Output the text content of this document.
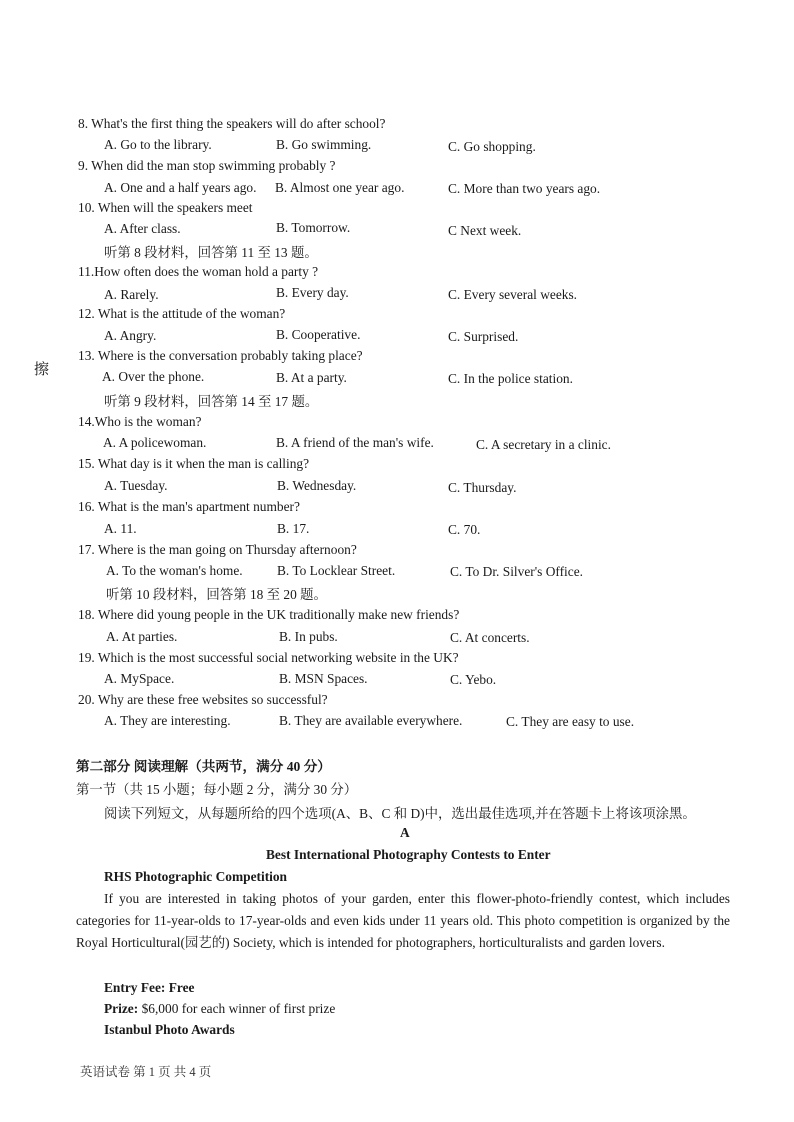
擦
8. What's the first thing the speakers will do after school?
A. Go to the library.	B. Go swimming.	C. Go shopping.
9. When did the man stop swimming probably ?
A. One and a half years ago. B. Almost one year ago.	C. More than two years ago.
10. When will the speakers meet
A. After class.	B. Tomorrow.	C Next week.
听第 8 段材料，回答第 11 至 13 题。
11.How often does the woman hold a party ?
A. Rarely.	B. Every day.	C. Every several weeks.
12. What is the attitude of the woman?
A. Angry.	B. Cooperative.	C. Surprised.
13. Where is the conversation probably taking place?
A. Over the phone.	B. At a party.	C. In the police station.
听第 9 段材料，回答第 14 至 17 题。
14.Who is the woman?
A. A policewoman.	B. A friend of the man's wife.	C. A secretary in a clinic.
15. What day is it when the man is calling?
A. Tuesday.	B. Wednesday.	C. Thursday.
16. What is the man's apartment number?
A. 11.	B. 17.	C. 70.
17. Where is the man going on Thursday afternoon?
A. To the woman's home.	B. To Locklear Street.	C. To Dr. Silver's Office.
听第 10 段材料，回答第 18 至 20 题。
18. Where did young people in the UK traditionally make new friends?
A. At parties.	B. In pubs.	C. At concerts.
19. Which is the most successful social networking website in the UK?
A. MySpace.	B. MSN Spaces.	C. Yebo.
20. Why are these free websites so successful?
A. They are interesting.	B. They are available everywhere.	C. They are easy to use.
第二部分 阅读理解（共两节，满分 40 分）
第一节（共 15 小题；每小题 2 分，满分 30 分）
阅读下列短文，从每题所给的四个选项(A、B、C 和 D)中，选出最佳选项,并在答题卡上将该项涂黑。
A
Best International Photography Contests to Enter
RHS Photographic Competition
If you are interested in taking photos of your garden, enter this flower-photo-friendly contest, which includes categories for 11-year-olds to 17-year-olds and even kids under 11 years old. This photo competition is organized by the Royal Horticultural(园艺的) Society, which is intended for photographers, horticulturalists and garden lovers.
Entry Fee: Free
Prize: $6,000 for each winner of first prize
Istanbul Photo Awards
英语试卷 第 1 页 共 4 页
